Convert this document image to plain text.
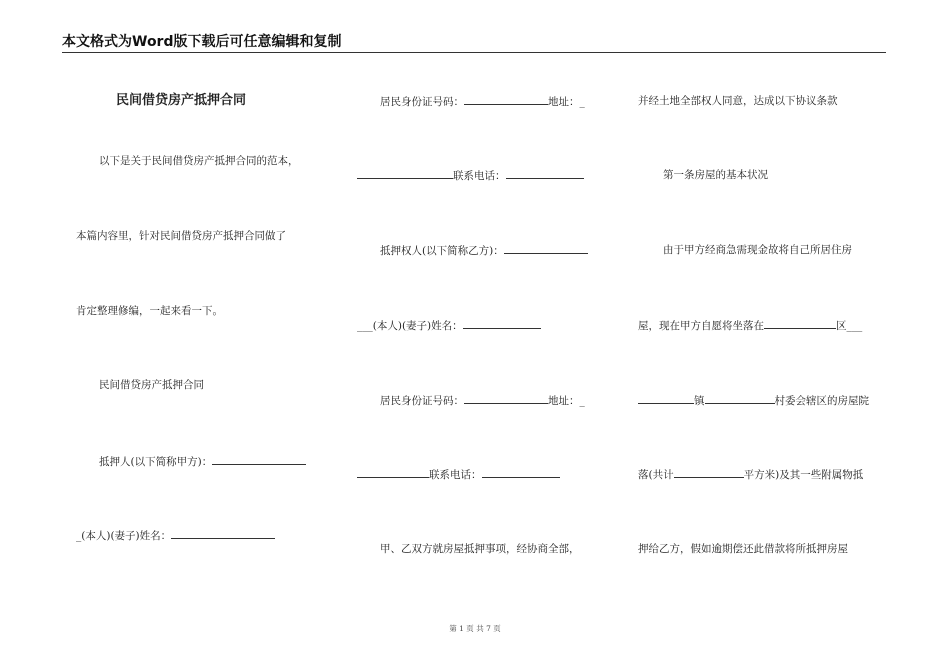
本文格式为Word版下载后可任意编辑和复制
民间借贷房产抵押合同
以下是关于民间借贷房产抵押合同的范本，
本篇内容里，针对民间借贷房产抵押合同做了
肯定整理修编，一起来看一下。
民间借贷房产抵押合同
抵押人(以下简称甲方)：
_(本人)(妻子)姓名：
居民身份证号码：	地址：_
联系电话：
抵押权人(以下简称乙方)：
___(本人)(妻子)姓名：
居民身份证号码：	地址：_
联系电话：
甲、乙双方就房屋抵押事项，经协商全部，
并经土地全部权人同意，达成以下协议条款
第一条房屋的基本状况
由于甲方经商急需现金故将自己所居住房
屋，现在甲方自愿将坐落在	区___
镇	村委会辖区的房屋院
落(共计	平方米)及其一些附属物抵
押给乙方，假如逾期偿还此借款将所抵押房屋
第 1 页 共 7 页
